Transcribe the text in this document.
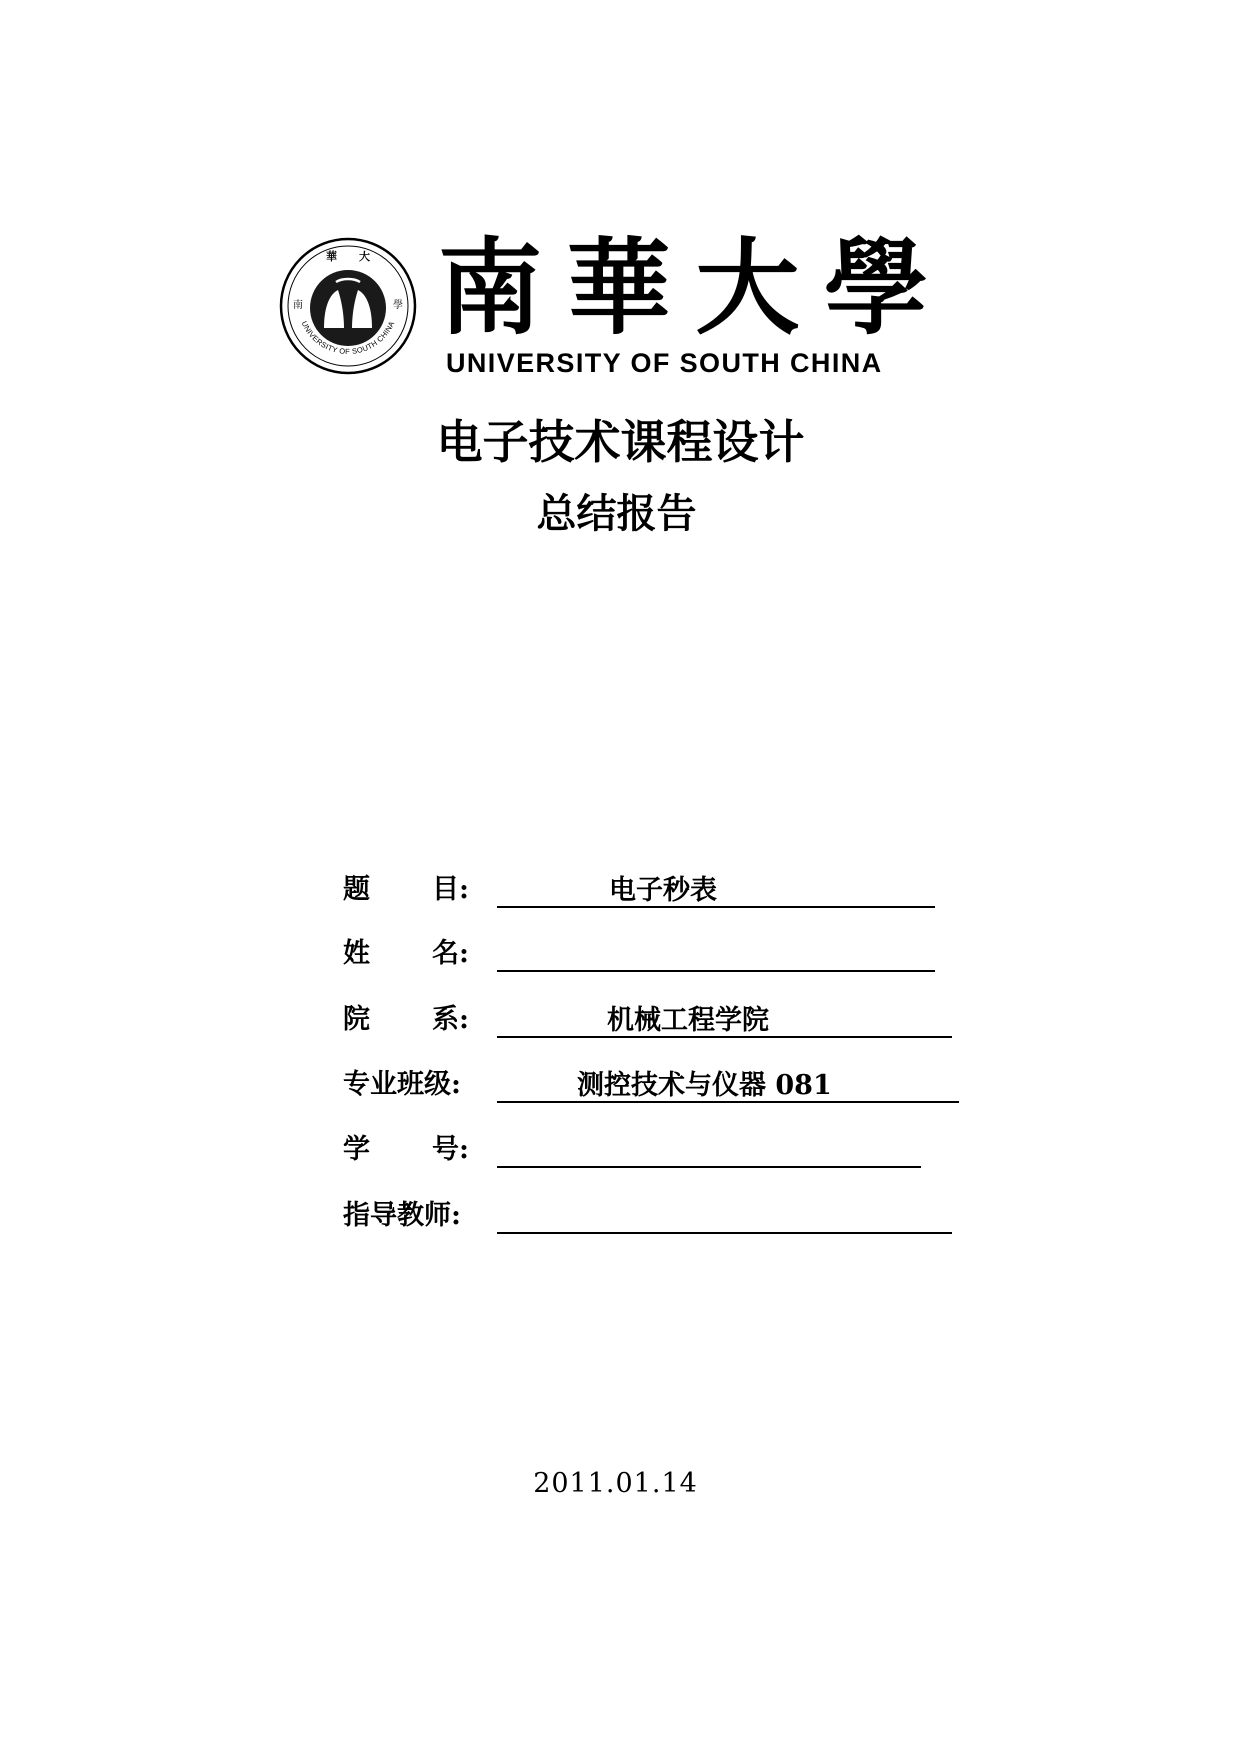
華　　大
南	學
UNIVERSITY OF SOUTH CHINA 南 華 大 學
UNIVERSITY OF SOUTH CHINA
电子技术课程设计
总结报告
题 目:	电子秒表
姓 名:
院 系:	机械工程学院
专业班级:	测控技术与仪器 081
学 号:
指导教师:
2011.01.14
